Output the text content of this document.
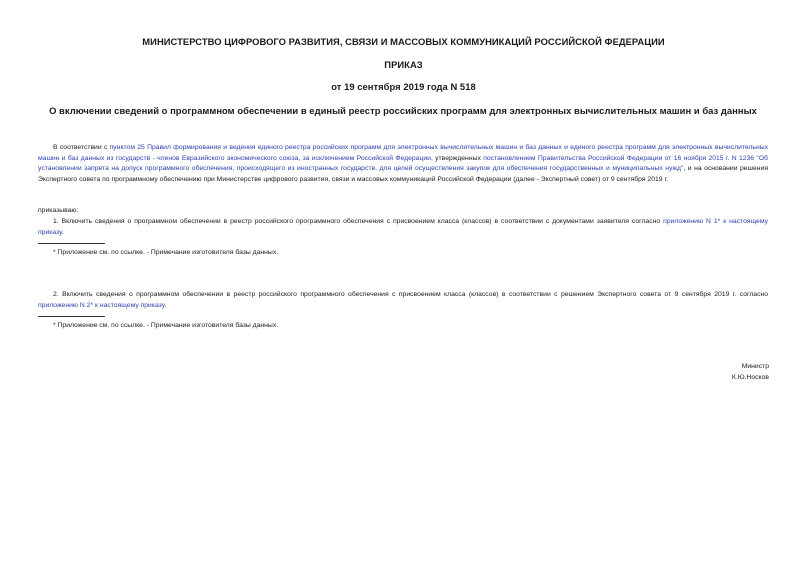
МИНИСТЕРСТВО ЦИФРОВОГО РАЗВИТИЯ, СВЯЗИ И МАССОВЫХ КОММУНИКАЦИЙ РОССИЙСКОЙ ФЕДЕРАЦИИ
ПРИКАЗ
от 19 сентября 2019 года N 518
О включении сведений о программном обеспечении в единый реестр российских программ для электронных вычислительных машин и баз данных
В соответствии с пунктом 25 Правил формирования и ведения единого реестра российских программ для электронных вычислительных машин и баз данных и единого реестра программ для электронных вычислительных машин и баз данных из государств - членов Евразийского экономического союза, за исключением Российской Федерации, утвержденных постановлением Правительства Российской Федерации от 16 ноября 2015 г. N 1236 "Об установлении запрета на допуск программного обеспечения, происходящего из иностранных государств, для целей осуществления закупок для обеспечения государственных и муниципальных нужд", и на основании решения Экспертного совета по программному обеспечению при Министерстве цифрового развития, связи и массовых коммуникаций Российской Федерации (далее - Экспертный совет) от 9 сентября 2019 г.
приказываю:
1. Включить сведения о программном обеспечении в реестр российского программного обеспечения с присвоением класса (классов) в соответствии с документами заявителя согласно приложению N 1* к настоящему приказу.
* Приложение см. по ссылке. - Примечание изготовителя базы данных.
2. Включить сведения о программном обеспечении в реестр российского программного обеспечения с присвоением класса (классов) в соответствии с решением Экспертного совета от 9 сентября 2019 г. согласно приложению N 2* к настоящему приказу.
* Приложение см. по ссылке. - Примечание изготовителя базы данных.
Министр
К.Ю.Носков
